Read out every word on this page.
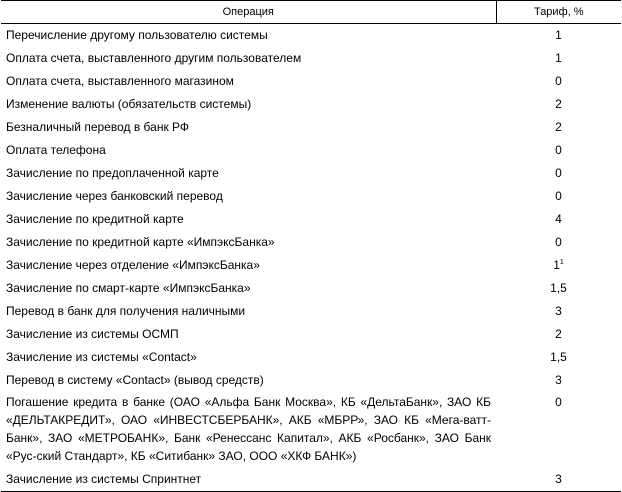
Операция	Тариф, %
Перечисление другому пользователю системы	1
Оплата счета, выставленного другим пользователем	1
Оплата счета, выставленного магазином	0
Изменение валюты (обязательств системы)	2
Безналичный перевод в банк РФ	2
Оплата телефона	0
Зачисление по предоплаченной карте	0
Зачисление через банковский перевод	0
Зачисление по кредитной карте	4
Зачисление по кредитной карте «ИмпэксБанка»	0
Зачисление через отделение «ИмпэксБанка»	$1^1$
Зачисление по смарт-карте «ИмпэксБанка»	1,5
Перевод в банк для получения наличными	3
Зачисление из системы ОСМП	2
Зачисление из системы «Contact»	1,5
Перевод в систему «Contact» (вывод средств)	3
Погашение кредита в банке (ОАО «Альфа Банк Москва», КБ «ДельтаБанк», ЗАО КБ «ДЕЛЬТАКРЕДИТ», ОАО «ИНВЕСТСБЕРБАНК», АКБ «МБРР», ЗАО КБ «Мега-ватт-Банк», ЗАО «МЕТРОБАНК», Банк «Ренессанс Капитал», АКБ «Росбанк», ЗАО Банк «Рус-ский Стандарт», КБ «Ситибанк» ЗАО, ООО «ХКФ БАНК»)	0
Зачисление из системы Спринтнет	3
